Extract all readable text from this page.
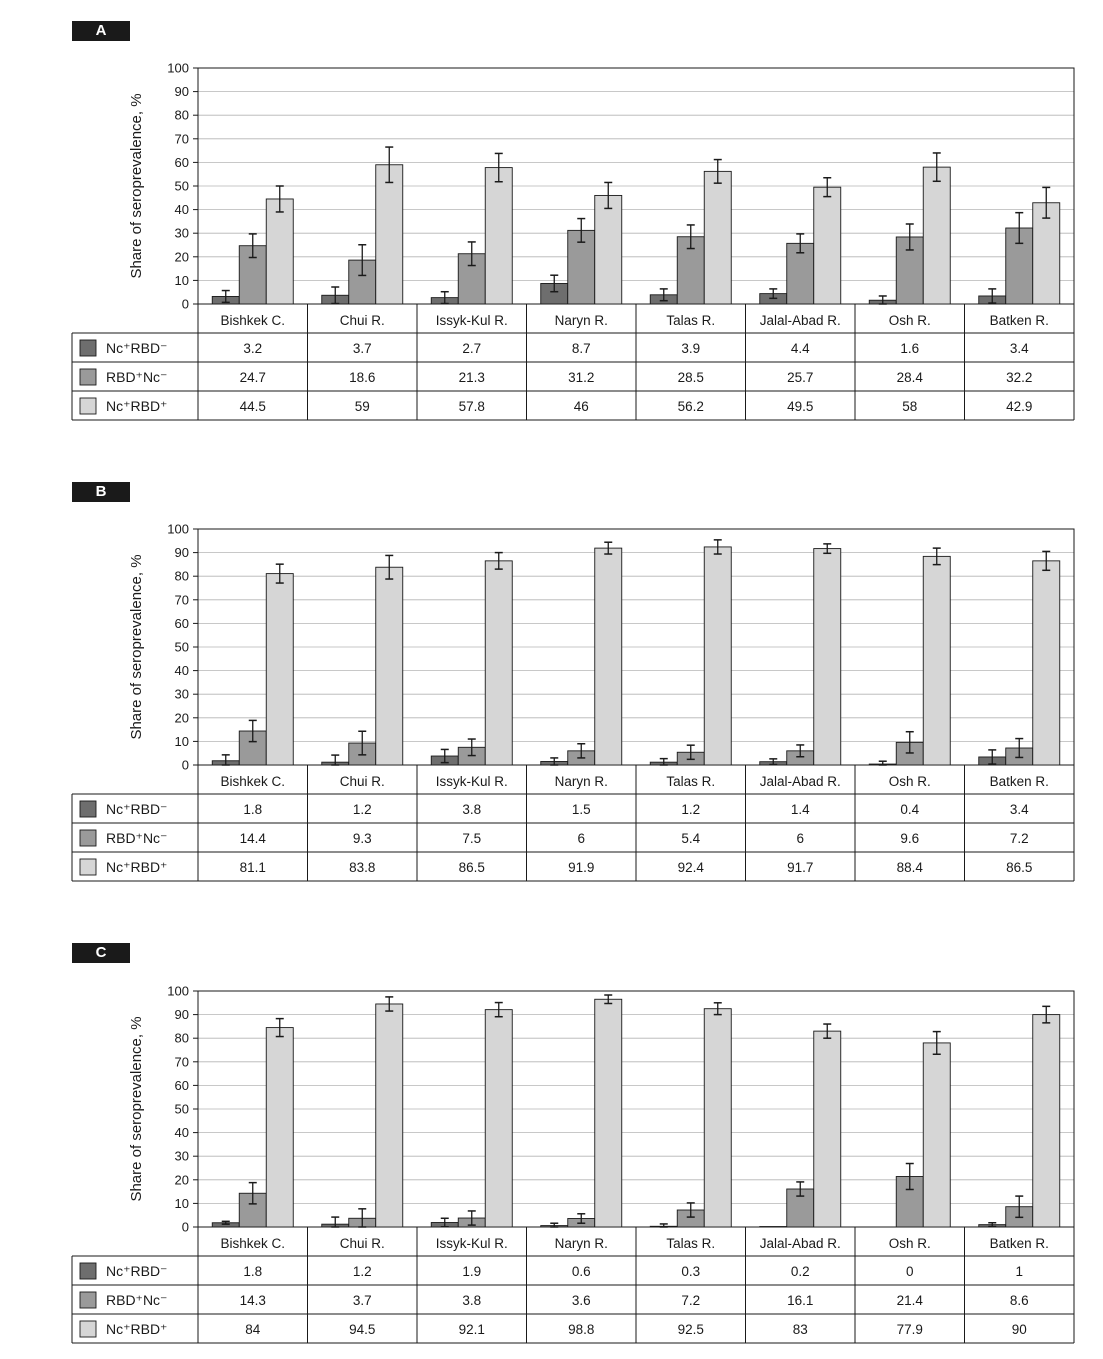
A
B
C
0
10
20
30
40
50
60
70
80
90
100
Share of seroprevalence, %
Bishkek C.	Chui R.	Issyk-Kul R.	Naryn R.	Talas R.	Jalal-Abad R.	Osh R.	Batken R.
Nc⁺RBD⁻	3.2	3.7	2.7	8.7	3.9	4.4	1.6	3.4
RBD⁺Nc⁻	24.7	18.6	21.3	31.2	28.5	25.7	28.4	32.2
Nc⁺RBD⁺	44.5	59	57.8	46	56.2	49.5	58	42.9
0
10
20
30
40
50
60
70
80
90
100
Share of seroprevalence, %
Bishkek C.	Chui R.	Issyk-Kul R.	Naryn R.	Talas R.	Jalal-Abad R.	Osh R.	Batken R.
Nc⁺RBD⁻	1.8	1.2	3.8	1.5	1.2	1.4	0.4	3.4
RBD⁺Nc⁻	14.4	9.3	7.5	6	5.4	6	9.6	7.2
Nc⁺RBD⁺	81.1	83.8	86.5	91.9	92.4	91.7	88.4	86.5
0
10
20
30
40
50
60
70
80
90
100
Share of seroprevalence, %
Bishkek C.	Chui R.	Issyk-Kul R.	Naryn R.	Talas R.	Jalal-Abad R.	Osh R.	Batken R.
Nc⁺RBD⁻	1.8	1.2	1.9	0.6	0.3	0.2	0	1
RBD⁺Nc⁻	14.3	3.7	3.8	3.6	7.2	16.1	21.4	8.6
Nc⁺RBD⁺	84	94.5	92.1	98.8	92.5	83	77.9	90
